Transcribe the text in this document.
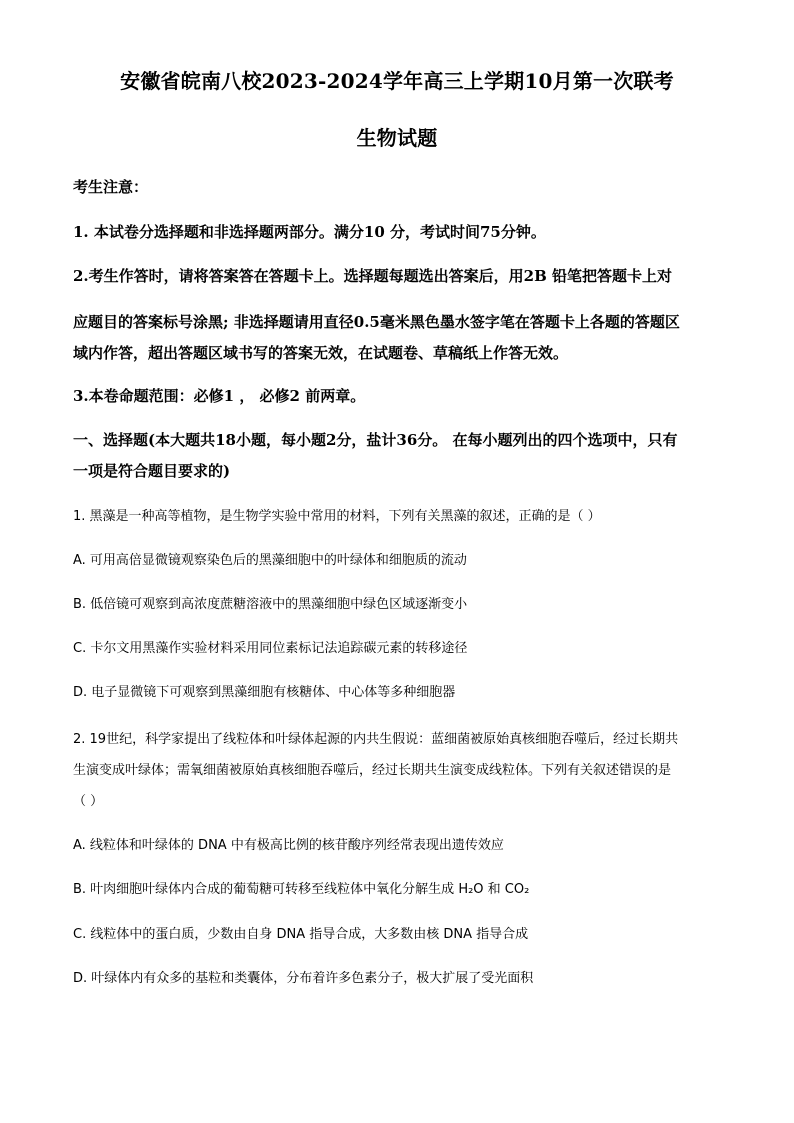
安徽省皖南八校2023-2024学年高三上学期10月第一次联考
生物试题
考生注意：
1. 本试卷分选择题和非选择题两部分。满分10 分，考试时间75分钟。
2.考生作答时，请将答案答在答题卡上。选择题每题选出答案后，用2B 铅笔把答题卡上对
应题目的答案标号涂黑; 非选择题请用直径0.5毫米黑色墨水签字笔在答题卡上各题的答题区
域内作答，超出答题区域书写的答案无效，在试题卷、草稿纸上作答无效。
3.本卷命题范围：必修1 ， 必修2 前两章。
一、选择题(本大题共18小题，每小题2分，盐计36分。 在每小题列出的四个选项中，只有
一项是符合题目要求的)
1. 黑藻是一种高等植物，是生物学实验中常用的材料，下列有关黑藻的叙述，正确的是（ ）
A. 可用高倍显微镜观察染色后的黑藻细胞中的叶绿体和细胞质的流动
B. 低倍镜可观察到高浓度蔗糖溶液中的黑藻细胞中绿色区域逐渐变小
C. 卡尔文用黑藻作实验材料采用同位素标记法追踪碳元素的转移途径
D. 电子显微镜下可观察到黑藻细胞有核糖体、中心体等多种细胞器
2. 19世纪，科学家提出了线粒体和叶绿体起源的内共生假说：蓝细菌被原始真核细胞吞噬后，经过长期共
生演变成叶绿体；需氧细菌被原始真核细胞吞噬后，经过长期共生演变成线粒体。下列有关叙述错误的是
（ ）
A. 线粒体和叶绿体的 DNA 中有极高比例的核苷酸序列经常表现出遗传效应
B. 叶肉细胞叶绿体内合成的葡萄糖可转移至线粒体中氧化分解生成 H₂O 和 CO₂
C. 线粒体中的蛋白质，少数由自身 DNA 指导合成，大多数由核 DNA 指导合成
D. 叶绿体内有众多的基粒和类囊体，分布着许多色素分子，极大扩展了受光面积
